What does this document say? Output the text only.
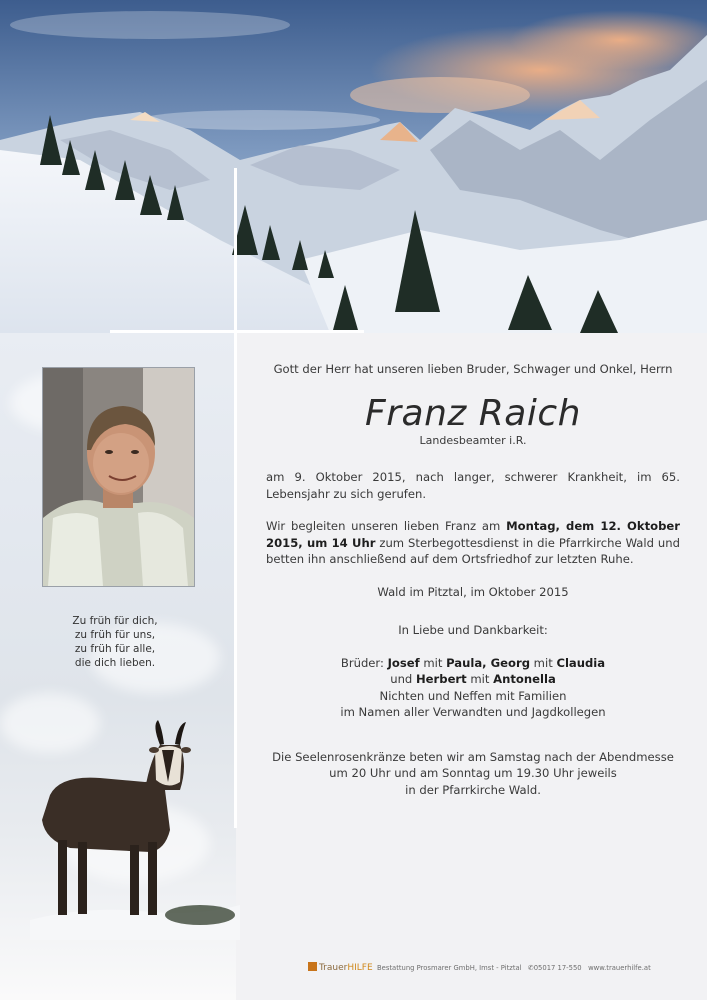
Zu früh für dich,
zu früh für uns,
zu früh für alle,
die dich lieben.
Gott der Herr hat unseren lieben Bruder, Schwager und Onkel, Herrn
Franz Raich
Landesbeamter i.R.
am 9. Oktober 2015, nach langer, schwerer Krankheit, im 65. Lebensjahr zu sich gerufen.
Wir begleiten unseren lieben Franz am Montag, dem 12. Oktober 2015, um 14 Uhr zum Sterbegottesdienst in die Pfarrkirche Wald und betten ihn anschließend auf dem Ortsfriedhof zur letzten Ruhe.
Wald im Pitztal, im Oktober 2015
In Liebe und Dankbarkeit:
Brüder: Josef mit Paula, Georg mit Claudia
und Herbert mit Antonella
Nichten und Neffen mit Familien
im Namen aller Verwandten und Jagdkollegen
Die Seelenrosenkränze beten wir am Samstag nach der Abendmesse
um 20 Uhr und am Sonntag um 19.30 Uhr jeweils
in der Pfarrkirche Wald.
TrauerHILFE Bestattung Prosmarer GmbH, Imst - Pitztal ✆05017 17-550 www.trauerhilfe.at
